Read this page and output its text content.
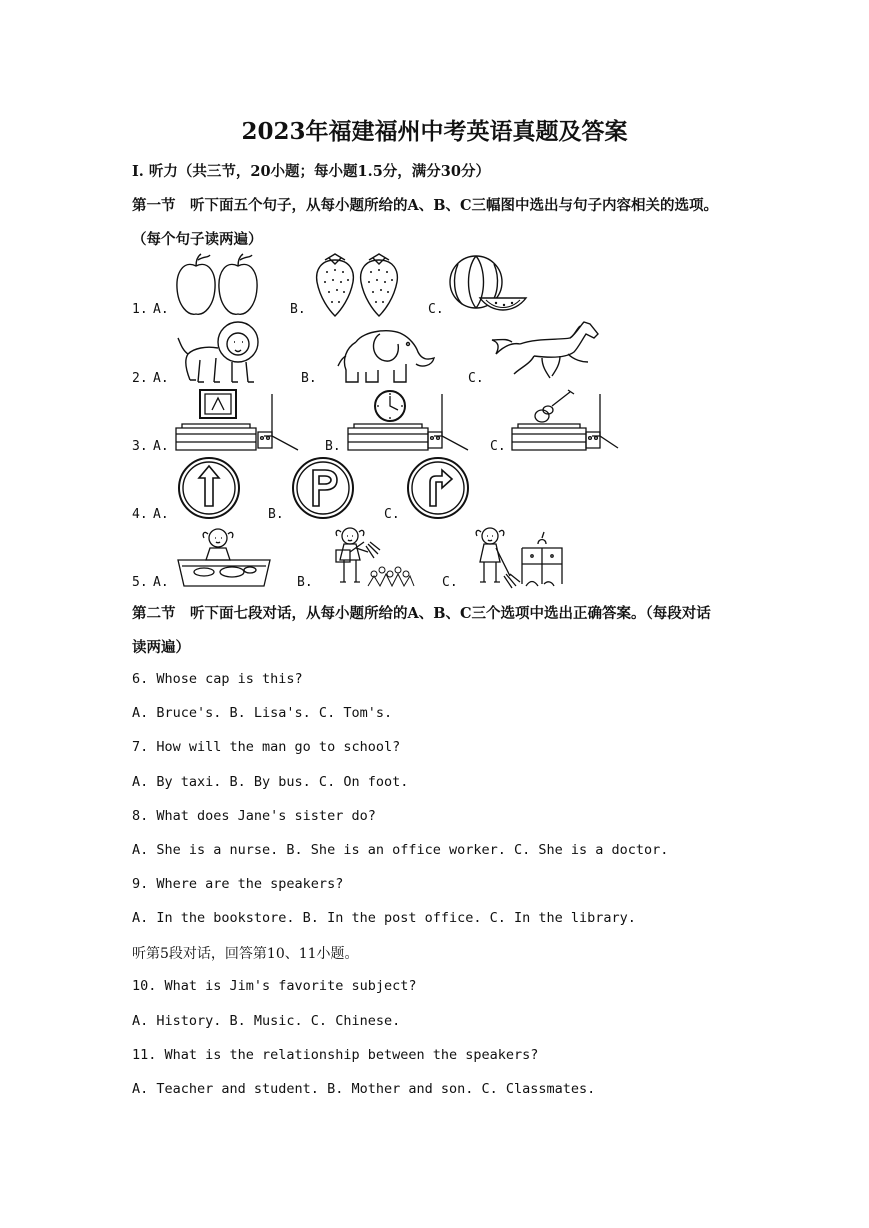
2023年福建福州中考英语真题及答案
Ⅰ. 听力（共三节，20小题；每小题1.5分，满分30分）
第一节　听下面五个句子，从每小题所给的A、B、C三幅图中选出与句子内容相关的选项。
（每个句子读两遍）
1. A.	B.	C.
2. A.	B.	C.
3. A.	B.	C.
4. A.	B.	C.
5. A.	B.	C.
第二节　听下面七段对话，从每小题所给的A、B、C三个选项中选出正确答案。（每段对话
读两遍）
6. Whose cap is this?
A. Bruce's. B. Lisa's. C. Tom's.
7. How will the man go to school?
A. By taxi. B. By bus. C. On foot.
8. What does Jane's sister do?
A. She is a nurse. B. She is an office worker. C. She is a doctor.
9. Where are the speakers?
A. In the bookstore. B. In the post office. C. In the library.
听第5段对话，回答第10、11小题。
10. What is Jim's favorite subject?
A. History. B. Music. C. Chinese.
11. What is the relationship between the speakers?
A. Teacher and student. B. Mother and son. C. Classmates.
